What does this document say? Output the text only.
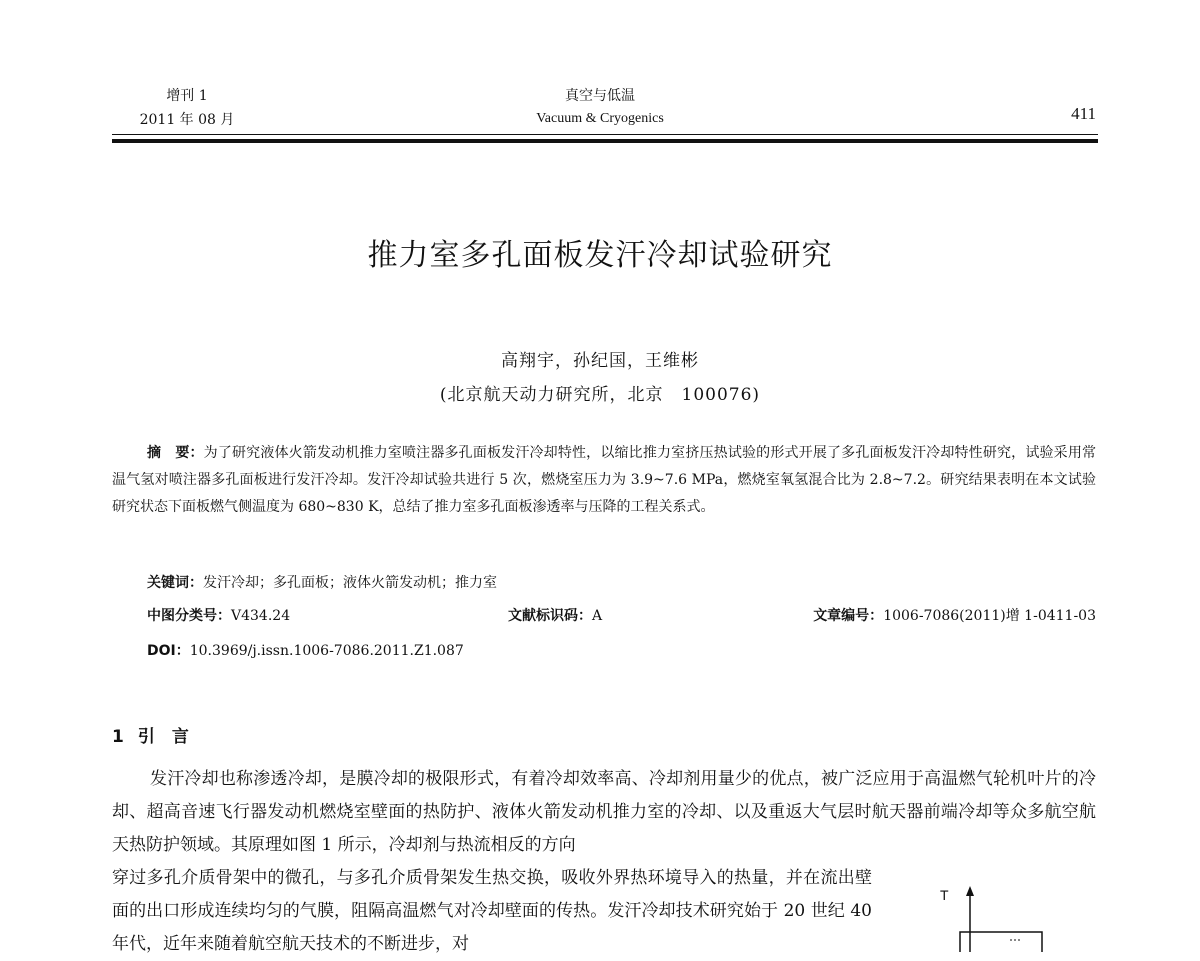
增刊 1
2011 年 08 月
真空与低温
Vacuum & Cryogenics	411
推力室多孔面板发汗冷却试验研究
高翔宇，孙纪国，王维彬
(北京航天动力研究所，北京　100076)
摘　要：为了研究液体火箭发动机推力室喷注器多孔面板发汗冷却特性，以缩比推力室挤压热试验的形式开展了多孔面板发汗冷却特性研究，试验采用常温气氢对喷注器多孔面板进行发汗冷却。发汗冷却试验共进行 5 次，燃烧室压力为 3.9~7.6 MPa，燃烧室氧氢混合比为 2.8~7.2。研究结果表明在本文试验研究状态下面板燃气侧温度为 680~830 K，总结了推力室多孔面板渗透率与压降的工程关系式。
关键词：发汗冷却；多孔面板；液体火箭发动机；推力室
中图分类号：V434.24	文献标识码：A	文章编号：1006-7086(2011)增 1-0411-03
DOI：10.3969/j.issn.1006-7086.2011.Z1.087
1 引　言
发汗冷却也称渗透冷却，是膜冷却的极限形式，有着冷却效率高、冷却剂用量少的优点，被广泛应用于高温燃气轮机叶片的冷却、超高音速飞行器发动机燃烧室壁面的热防护、液体火箭发动机推力室的冷却、以及重返大气层时航天器前端冷却等众多航空航天热防护领域。其原理如图 1 所示，冷却剂与热流相反的方向
穿过多孔介质骨架中的微孔，与多孔介质骨架发生热交换，吸收外界热环境导入的热量，并在流出壁面的出口形成连续均匀的气膜，阻隔高温燃气对冷却壁面的传热。发汗冷却技术研究始于 20 世纪 40 年代，近年来随着航空航天技术的不断进步，对
T
